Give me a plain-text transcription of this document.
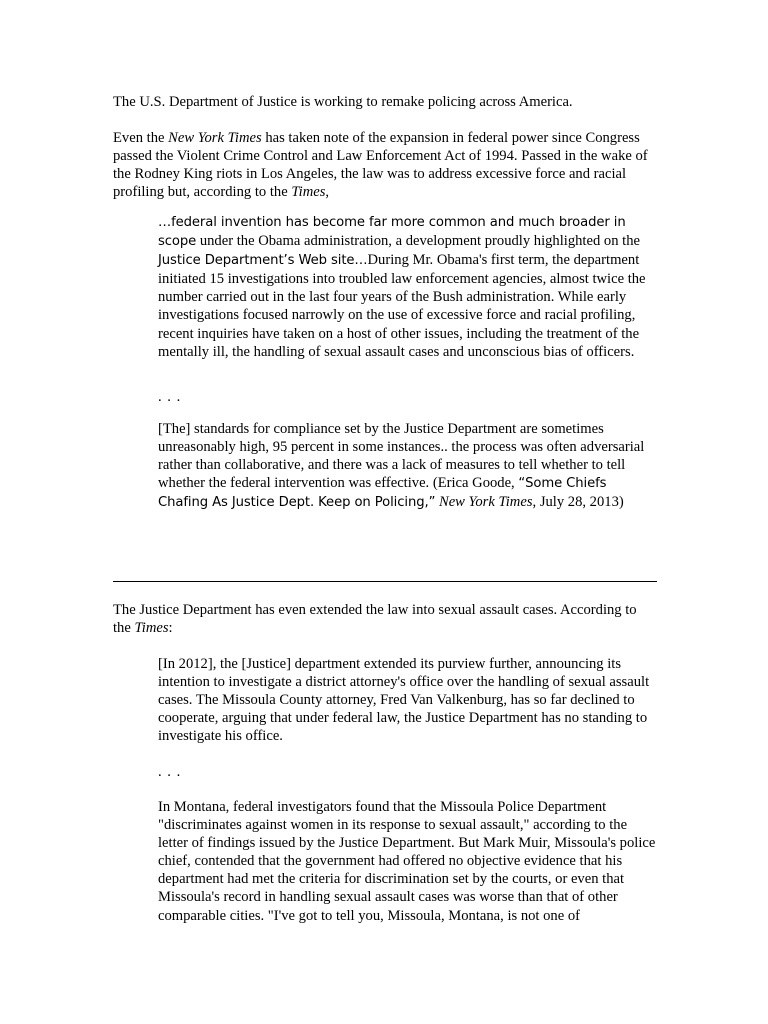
The U.S. Department of Justice is working to remake policing across America.

Even the New York Times has taken note of the expansion in federal power since Congress passed the Violent Crime Control and Law Enforcement Act of 1994. Passed in the wake of the Rodney King riots in Los Angeles, the law was to address excessive force and racial profiling but, according to the Times,

…federal invention has become far more common and much broader in scope under the Obama administration, a development proudly highlighted on the Justice Department’s Web site…During Mr. Obama's first term, the department initiated 15 investigations into troubled law enforcement agencies, almost twice the number carried out in the last four years of the Bush administration. While early investigations focused narrowly on the use of excessive force and racial profiling, recent inquiries have taken on a host of other issues, including the treatment of the mentally ill, the handling of sexual assault cases and unconscious bias of officers.

. . .

[The] standards for compliance set by the Justice Department are sometimes unreasonably high, 95 percent in some instances.. the process was often adversarial rather than collaborative, and there was a lack of measures to tell whether to tell whether the federal intervention was effective. (Erica Goode, “Some Chiefs Chafing As Justice Dept. Keep on Policing,” New York Times, July 28, 2013)

The Justice Department has even extended the law into sexual assault cases. According to the Times:

[In 2012], the [Justice] department extended its purview further, announcing its intention to investigate a district attorney's office over the handling of sexual assault cases. The Missoula County attorney, Fred Van Valkenburg, has so far declined to cooperate, arguing that under federal law, the Justice Department has no standing to investigate his office.

. . .

In Montana, federal investigators found that the Missoula Police Department "discriminates against women in its response to sexual assault," according to the letter of findings issued by the Justice Department. But Mark Muir, Missoula's police chief, contended that the government had offered no objective evidence that his department had met the criteria for discrimination set by the courts, or even that Missoula's record in handling sexual assault cases was worse than that of other comparable cities. "I've got to tell you, Missoula, Montana, is not one of
